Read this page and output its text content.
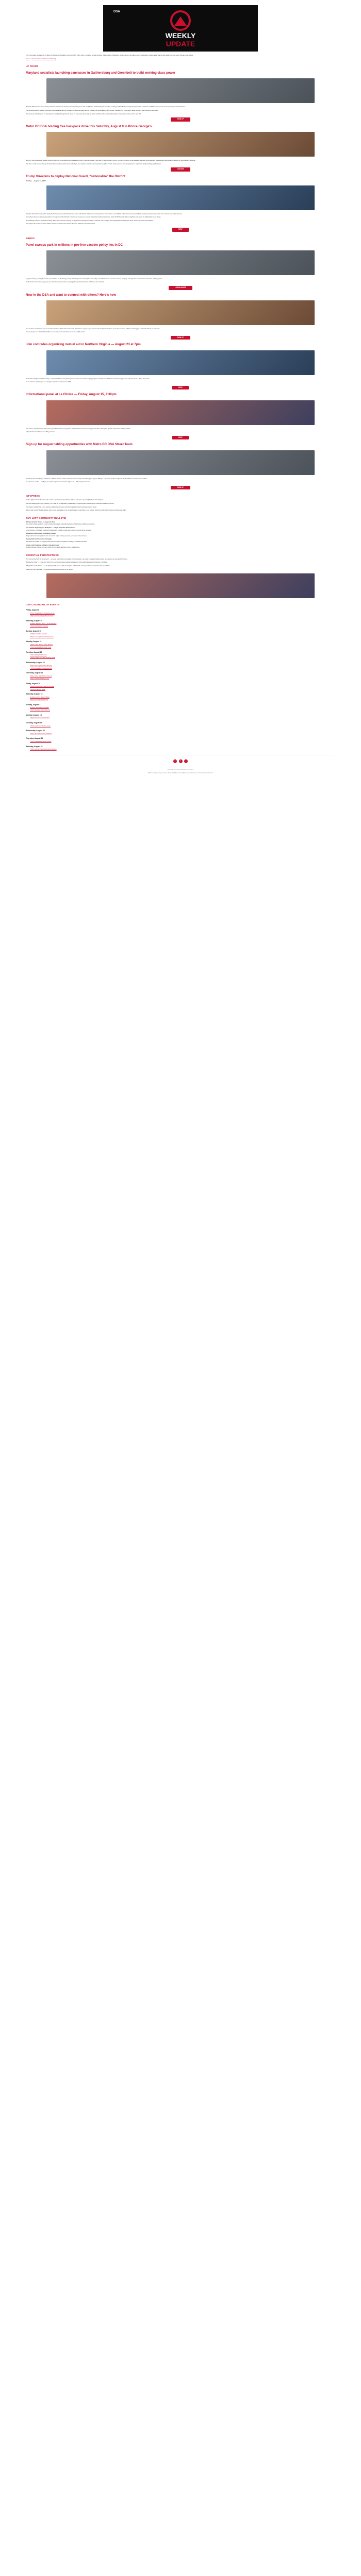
WEEKLY
UPDATE
DSA

This is the weekly newsletter of the Metro DC Democratic Socialists of America (MDC DSA), which is produced by local members of the chapter's Publications Working Group. Not really a peer to publications of large media. Want to fight fascism from the street? Donate to the chapter.

Join our · We also hold a monthly General Meeting

UP FRONT
Maryland socialists launching canvasses in Gaithersburg and Greenbelt to build working class power

Metro DC DSA members were recently contacted and asked to volunteer with canvassing for council candidates in Gaithersburg and Greenbelt, working to build collective working class power and support for candidates and measures in the upcoming municipal elections.

The Maryland electoral working group says these canvasses are the first step in a longer campaign and our members are encouraged to get involved. Volunteers will knock doors, talk to neighbors and build lists of supporters.

The canvasses will take place on Saturdays and Sundays through the fall. If you are interested, please sign up and a coordinator will reach out with details on the location and time of the next shift.

SIGN UP
Metro DC DSA holding free backpack drive this Saturday, August 9 in Prince George's

Metro DC DSA's Mutual Aid Working Group is hosting its annual back-to-school backpack drive on Saturday, August 9 at a park in Prince George's County. Families can pick up a free backpack filled with school supplies, and volunteers are needed to help set up, pack bags and distribute.

The drive is made possible through donations from members and the community. If you can't volunteer, consider donating school supplies or funds. All are welcome and no registration is required for families picking up a backpack.

DONATE
Trump threatens to deploy National Guard, "nationalize" the District
Monday — August 11, 2025

President Trump has threatened to deploy the National Guard and "federalize" the police of the District of Columbia, claiming crime is out of control. Local officials and residents have pushed back, pointing to data showing violent crime in DC is at a multi-decade low.

DC residents have no voting representation in Congress and the District's limited home rule leaves it uniquely vulnerable to federal interference. Metro DC DSA stands with our neighbors and rejects the militarization of our streets.

We encourage members to attend upcoming rallies and community meetings, to stay informed through the chapter's channels, and to support local organizations defending DC home rule and the rights of all residents.

The chapter will continue to share updates and calls to action as the situation develops. Solidarity is our best defense.

RSVP
BRIEFS
Panel sweeps park in millions in pro-free vaccine policy lies in DC

A group backed by wealthy donors has spent millions on advertising pushing misleading claims about public health policy in the District. Local advocates warn the campaign is designed to erode trust and undermine public programs.

Health workers and community groups are organizing to counter the messaging with accurate information and door-to-door outreach.

LEARN MORE
Now in the DSA and want to connect with others? Here's how

New members are invited to our new member orientation, held online each month. Orientation is a great way to learn how the chapter is structured, meet other members and find a working group or branch that fits your interests.

You can also join our chapter Slack, follow us on social media and attend one of our monthly socials.

SIGN UP
Join comrades organizing mutual aid in Northern Virginia — August 23 at 7pm

The Northern Virginia branch is hosting a mutual aid skillshare and planning session. Come learn about ongoing projects, including food distribution and tenant support, and help plan the next phase of our work.

All are welcome, whether you are a longtime organizer or brand new to DSA.

RSVP
Informational panel at La Clínica — Friday, August 15, 2:30pm

Join us for a panel discussion with community health workers and organizers about healthcare access for immigrant families in the region. Spanish interpretation will be provided.

Light refreshments will be served. Bring a friend!

RSVP
Sign up for August tabling opportunities with Metro DC DSA Street Team

The Street Team is looking for volunteers to table at farmers markets, festivals and community events throughout August. Tabling is a great way to talk to neighbors about socialism and recruit new members.

No experience needed — we'll pair you with an experienced volunteer. Sign up for a shift using the link below.

SIGN UP
INFOPRESS

Need to fight fascism? The team of the month. Learn how to build collective defense networks in your neighborhood and workplace.

Our next reading group meets Tuesday. This month we are discussing a classic text on organizing and class struggle. Copies are available to borrow.

The chapter's podcast has a new episode out featuring interviews with local organizers about housing and tenant power.

Want to stay current? Weekly updates, like this one, are mailing out to all members and are archived on our website. Submit items for the next issue by Wednesday night.

DMV LEFT COMMUNITY BULLETIN

Writing Liberation Prisons on August 12, 7pm

Join a letter-writing session to support incarcerated people and political prisoners. Materials and addresses provided.

Free Seminar: Organizing the Workplace — 6:30pm at the New Tenants House

A free training on workplace organizing fundamentals, hosted by local union members. Dinner will be provided.

Washington Peace Center: Community Potluck

Bring a dish and meet organizers from around the region working on peace, justice and anti-war issues.

Ongoing National Information Campaign

Volunteers are needed for ongoing phone and text banking campaigns. Training is provided for all shifts.

Tenants Unite! Palestine Solidarity: Ongoing Protest

Weekly vigils and protests continue. Check the community calendar for times and locations.

ESSENTIAL PERSPECTIVES

"The Left and the Fight for Democracy" — an essay examining how socialists can build power in an era of rising authoritarianism and what lessons we can take from history.

"Building the Union" — a long-form report from a recent successful organizing campaign, with practical takeaways for workers in the DMV.

"Why Public Goods Matter" — on the fight for public transit, public housing and public health, and why socialists must defend and expand them.

"Notes from the Picket Line" — first-person accounts from strikers in our region.

DSA CALENDAR OF EVENTS
Friday, August 8
6:30pm Socialist Feminist Reading Group
7:00pm Northern Virginia Branch Social
Saturday, August 9
10:00am Backpack Drive — Prince George's
1:00pm Gaithersburg Canvass
Sunday, August 10
12:00pm Greenbelt Canvass
3:00pm Housing Justice Working Group
Monday, August 11
7:00pm Labor Working Group Meeting
7:30pm Ecosocialist Working Group
Tuesday, August 12
6:30pm Writing for Prisoners
7:00pm Political Education Reading Group
Wednesday, August 13
7:00pm Steering Committee Meeting
7:30pm Newsletter Submissions Due
Thursday, August 14
6:30pm Street Team Tabling Training
7:00pm Anti-War Working Group
Friday, August 15
2:30pm Informational Panel at La Clínica
7:00pm DC Branch Social
Saturday, August 16
11:00am Farmers Market Tabling
2:00pm Mutual Aid Distribution
Sunday, August 17
12:00pm Gaithersburg Canvass
4:00pm Maryland Branch Meeting
Monday, August 18
7:00pm New Member Orientation
Tuesday, August 19
7:00pm Healthcare Working Group
Wednesday, August 20
7:00pm Tenant Organizing Skillshare
Thursday, August 21
7:00pm Publications Working Group
Saturday, August 23
7:00pm Northern Virginia Mutual Aid Session
f	t	i

Metro DC Democratic Socialists of America

Want to change how you receive these emails? You can update your preferences or unsubscribe from this list.
